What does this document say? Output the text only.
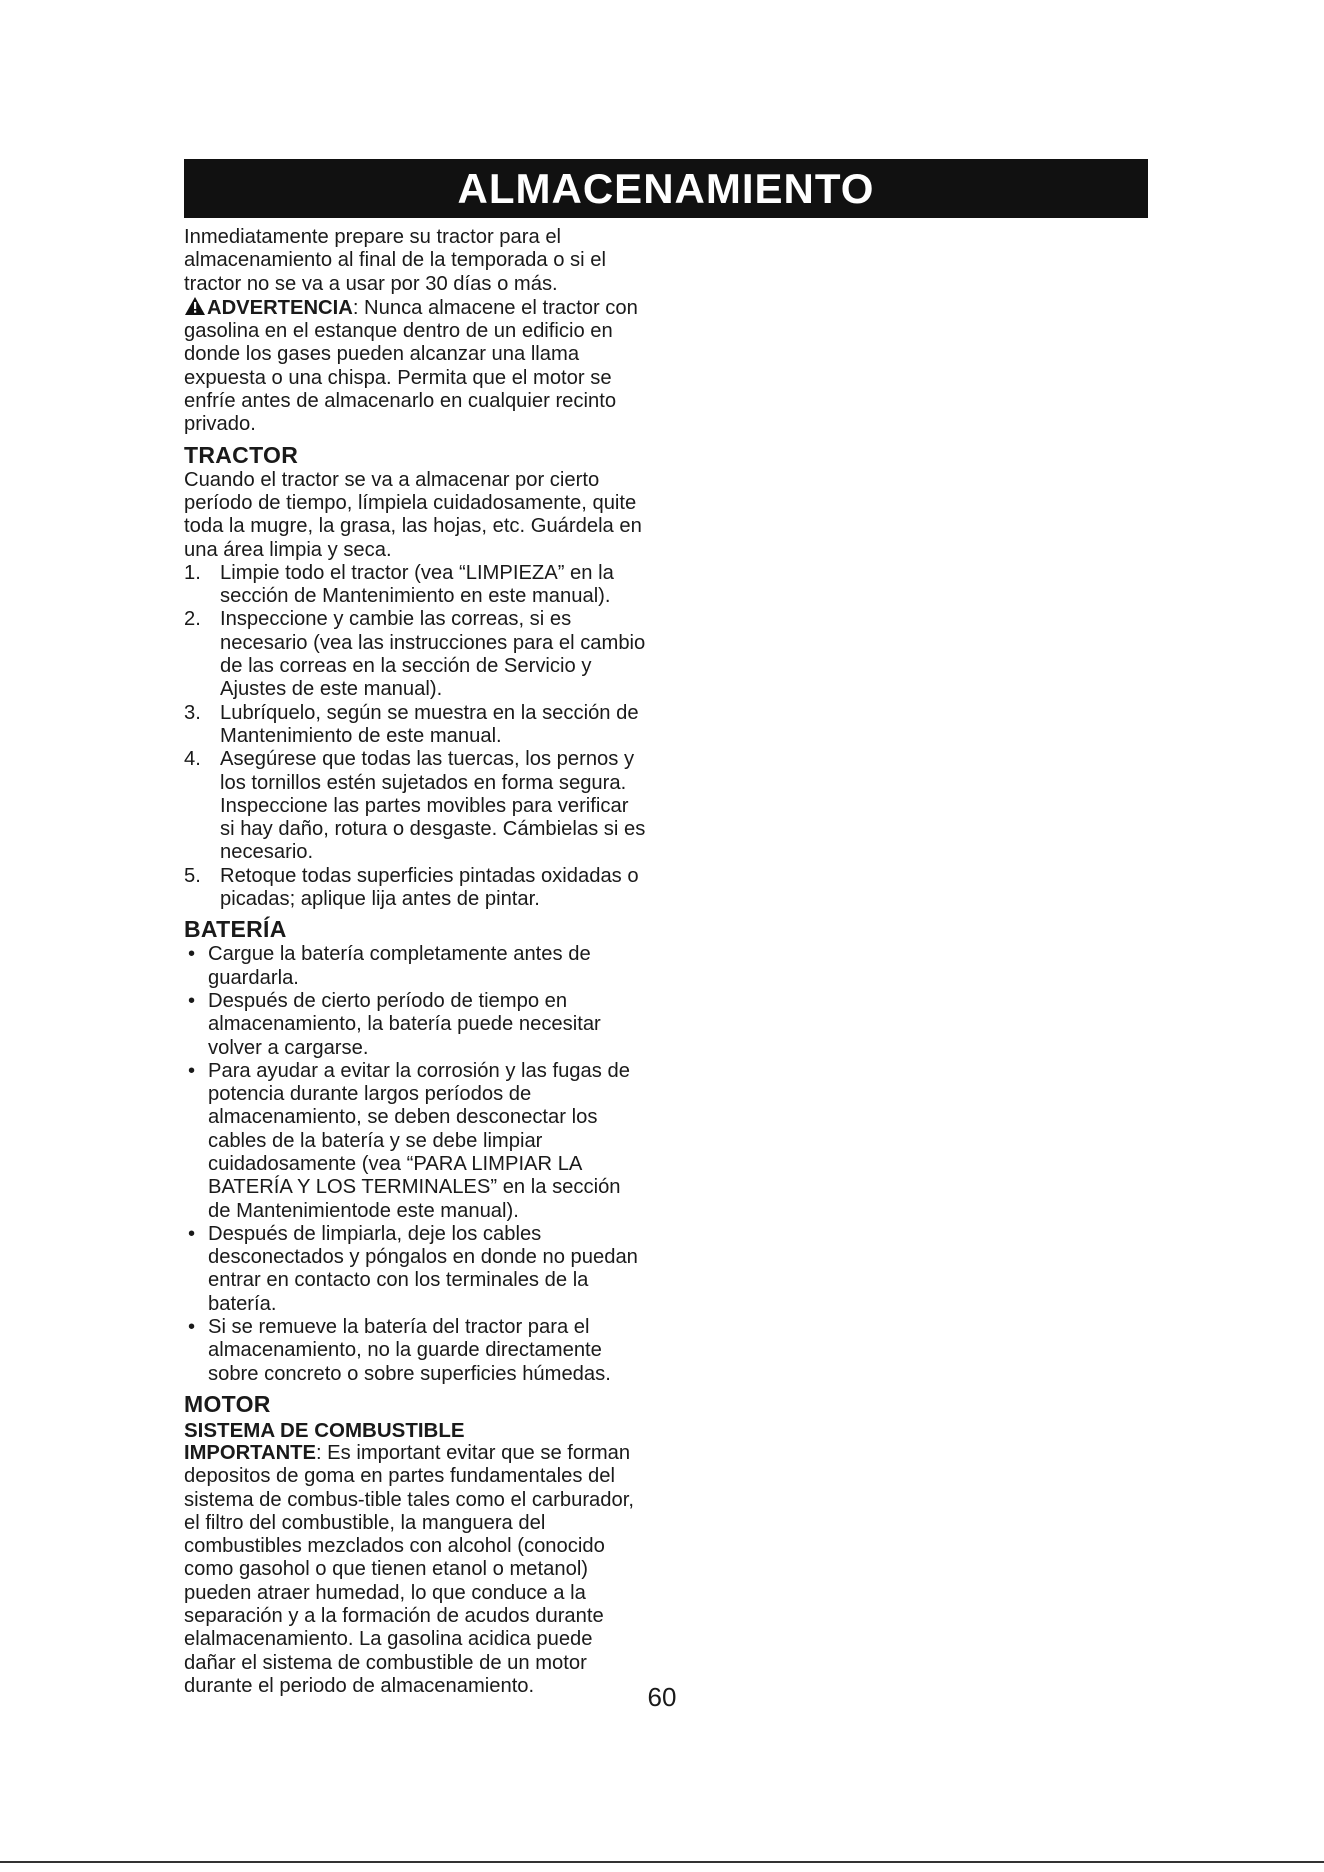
ALMACENAMIENTO

Inmediatamente prepare su tractor para el almacenamiento al final de la temporada o si el tractor no se va a usar por 30 días o más.

ADVERTENCIA: Nunca almacene el tractor con gasolina en el estanque dentro de un edificio en donde los gases pueden alcanzar una llama expuesta o una chispa. Permita que el motor se enfríe antes de almacenarlo en cualquier recinto privado.

TRACTOR

Cuando el tractor se va a almacenar por cierto período de tiempo, límpiela cuidadosamente, quite toda la mugre, la grasa, las hojas, etc. Guárdela en una área limpia y seca.

1. Limpie todo el tractor (vea “LIMPIEZA” en la sección de Mantenimiento en este manual).
2. Inspeccione y cambie las correas, si es necesario (vea las instrucciones para el cambio de las correas en la sección de Servicio y Ajustes de este manual).
3. Lubríquelo, según se muestra en la sección de Mantenimiento de este manual.
4. Asegúrese que todas las tuercas, los pernos y los tornillos estén sujetados en forma segura. Inspeccione las partes movibles para verificar si hay daño, rotura o desgaste. Cámbielas si es necesario.
5. Retoque todas superficies pintadas oxidadas o picadas; aplique lija antes de pintar.
BATERÍA
• Cargue la batería completamente antes de guardarla.
• Después de cierto período de tiempo en almacenamiento, la batería puede necesitar volver a cargarse.
• Para ayudar a evitar la corrosión y las fugas de potencia durante largos períodos de almacenamiento, se deben desconectar los cables de la batería y se debe limpiar cuidadosamente (vea “PARA LIMPIAR LA BATERÍA Y LOS TERMINALES” en la sección de Mantenimientode este manual).
• Después de limpiarla, deje los cables desconectados y póngalos en donde no puedan entrar en contacto con los terminales de la batería.
• Si se remueve la batería del tractor para el almacenamiento, no la guarde directamente sobre concreto o sobre superficies húmedas.
MOTOR
SISTEMA DE COMBUSTIBLE

IMPORTANTE: Es important evitar que se forman depositos de goma en partes fundamentales del sistema de combus-tible tales como el carburador, el filtro del combustible, la manguera del combustibles mezclados con alcohol (conocido como gasohol o que tienen etanol o metanol) pueden atraer humedad, lo que conduce a la separación y a la formación de acudos durante elalmacenamiento. La gasolina acidica puede dañar el sistema de combustible de un motor durante el periodo de almacenamiento.	60
